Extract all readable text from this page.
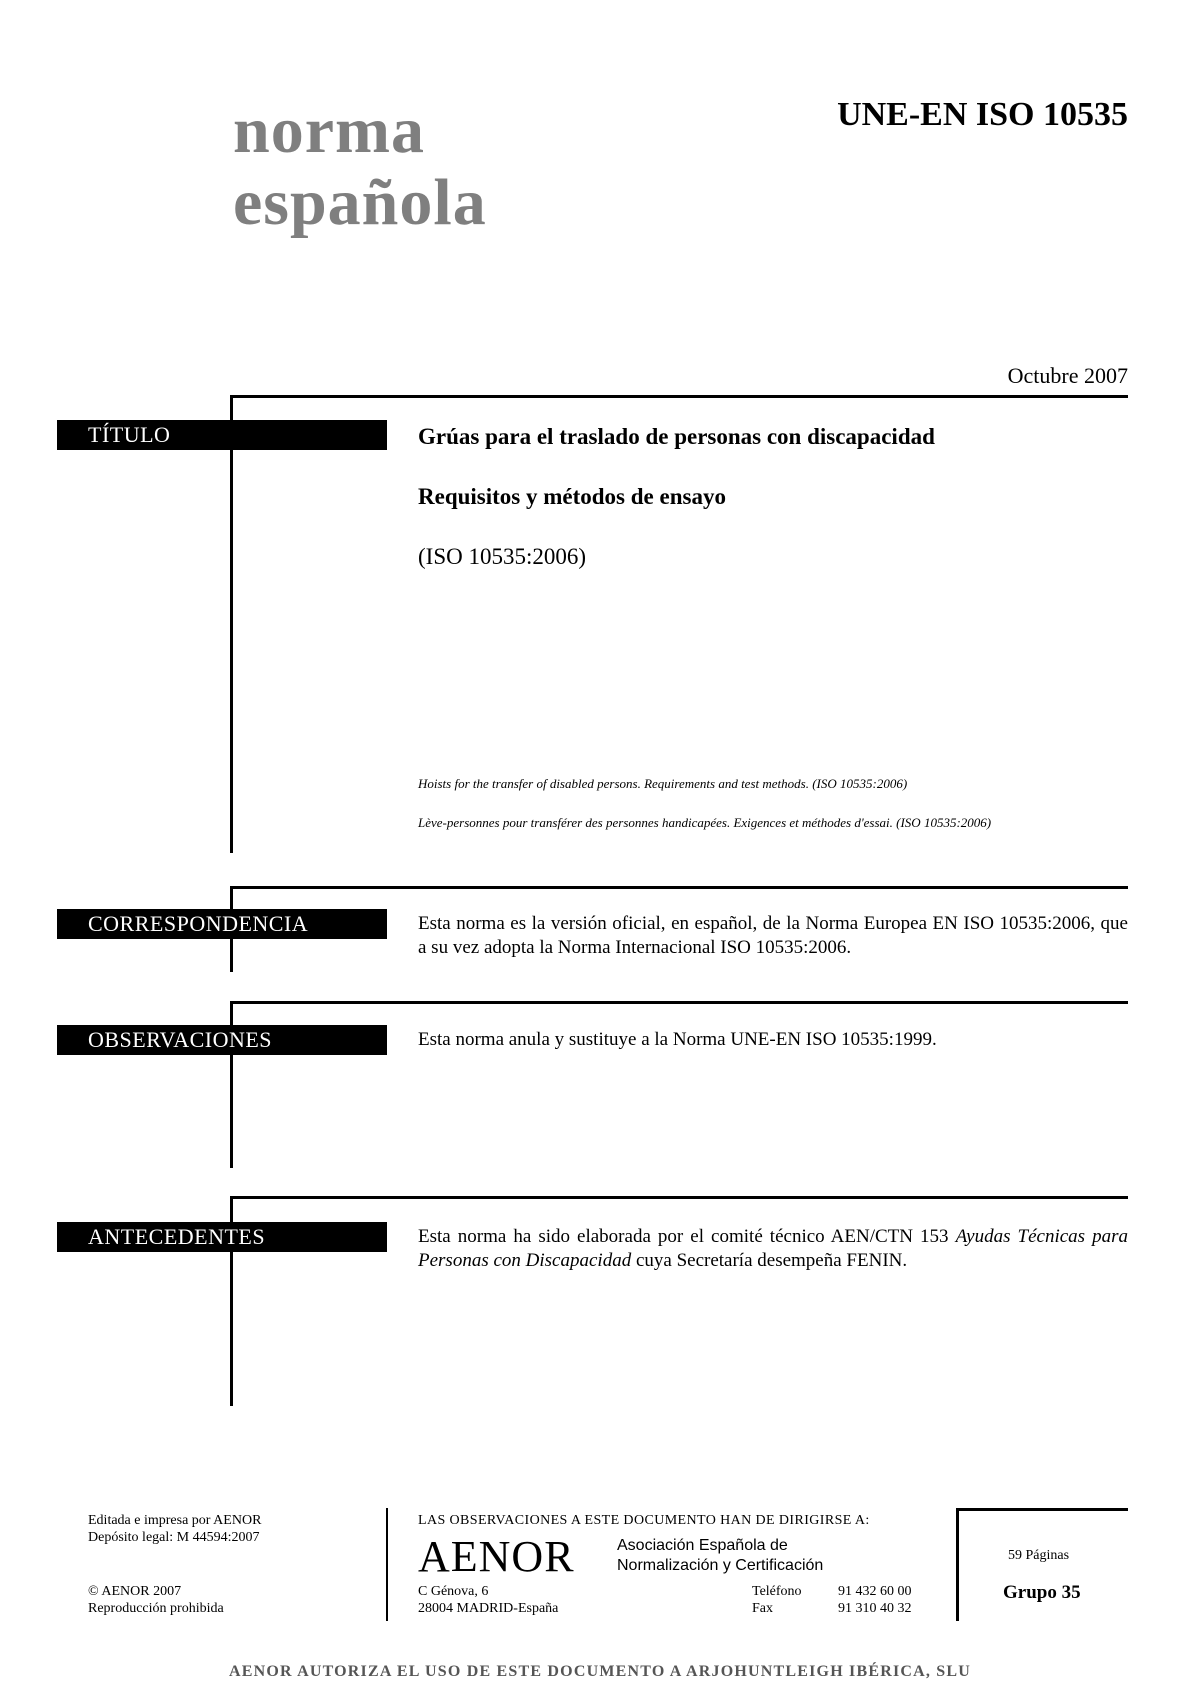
norma
española
UNE-EN ISO 10535
Octubre 2007
TÍTULO
CORRESPONDENCIA
OBSERVACIONES
ANTECEDENTES
Grúas para el traslado de personas con discapacidad
Requisitos y métodos de ensayo
(ISO 10535:2006)
Hoists for the transfer of disabled persons. Requirements and test methods. (ISO 10535:2006)
Lève-personnes pour transférer des personnes handicapées. Exigences et méthodes d'essai. (ISO 10535:2006)
Esta norma es la versión oficial, en español, de la Norma Europea EN ISO 10535:2006, que a su vez adopta la Norma Internacional ISO 10535:2006.
Esta norma anula y sustituye a la Norma UNE-EN ISO 10535:1999.
Esta norma ha sido elaborada por el comité técnico AEN/CTN 153 Ayudas Técnicas para Personas con Discapacidad cuya Secretaría desempeña FENIN.
Editada e impresa por AENOR
Depósito legal: M 44594:2007
© AENOR 2007
Reproducción prohibida
LAS OBSERVACIONES A ESTE DOCUMENTO HAN DE DIRIGIRSE A:
AENOR	Asociación Española de
Normalización y Certificación
C Génova, 6
28004 MADRID-España
Teléfono
Fax
91 432 60 00
91 310 40 32
59 Páginas
Grupo 35
AENOR AUTORIZA EL USO DE ESTE DOCUMENTO A ARJOHUNTLEIGH IBÉRICA, SLU
